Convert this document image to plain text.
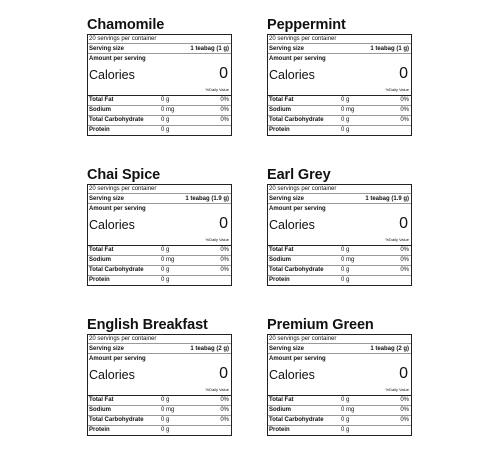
Chamomile
20 servings per container
Serving size	1 teabag (1 g)
Amount per serving
Calories	0
%Daily Value
Total Fat	0 g	0%
Sodium	0 mg	0%
Total Carbohydrate	0 g	0%
Protein	0 g
Peppermint
20 servings per container
Serving size	1 teabag (1 g)
Amount per serving
Calories	0
%Daily Value
Total Fat	0 g	0%
Sodium	0 mg	0%
Total Carbohydrate	0 g	0%
Protein	0 g
Chai Spice
20 servings per container
Serving size	1 teabag (1.9 g)
Amount per serving
Calories	0
%Daily Value
Total Fat	0 g	0%
Sodium	0 mg	0%
Total Carbohydrate	0 g	0%
Protein	0 g
Earl Grey
20 servings per container
Serving size	1 teabag (1.9 g)
Amount per serving
Calories	0
%Daily Value
Total Fat	0 g	0%
Sodium	0 mg	0%
Total Carbohydrate	0 g	0%
Protein	0 g
English Breakfast
20 servings per container
Serving size	1 teabag (2 g)
Amount per serving
Calories	0
%Daily Value
Total Fat	0 g	0%
Sodium	0 mg	0%
Total Carbohydrate	0 g	0%
Protein	0 g
Premium Green
20 servings per container
Serving size	1 teabag (2 g)
Amount per serving
Calories	0
%Daily Value
Total Fat	0 g	0%
Sodium	0 mg	0%
Total Carbohydrate	0 g	0%
Protein	0 g
